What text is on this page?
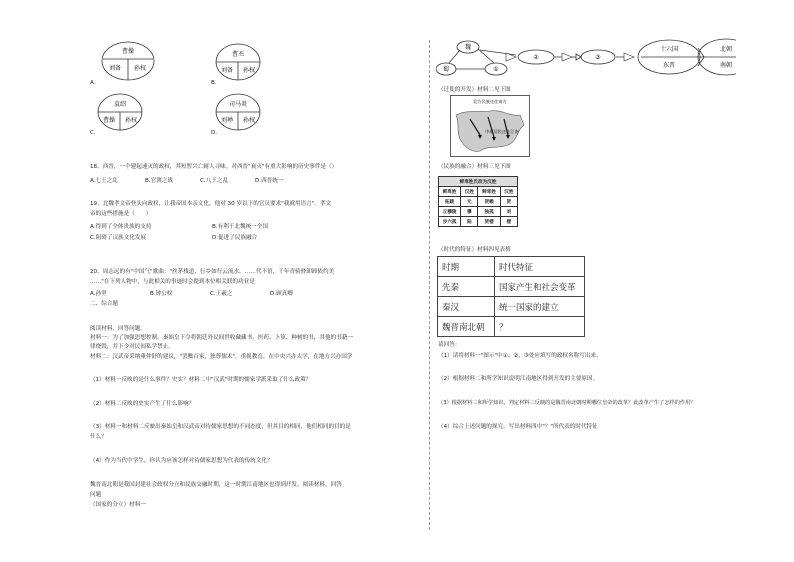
A.
曹操
刘备 孙权
B.
曹丕
刘备 孙权
C.
袁绍
曹操 孙权
D.
司马炎
刘禅 孙权
18、西晋，一个建起速灭的政权，其短暂兴亡耐人寻味。对西晋"衰灭"有重大影响的历史事件是（）
A.七王之乱	B.官渡之战	C.八王之乱	D.西晋统一
19、北魏孝文帝登头向政权，让我帝国本亲文化，他对 30 岁以下的官员要求"我就用语言"。孝文
帝的这些措施是（　　）
A.得到了全体贵族的支持	B.有利于北魏统一全国
C.阻碍了汉族文化发展	D.促进了民族融合
20、周志远的有"中国气"歌曲："丝茅栈道，行乡如行云流水。……代不语，千年青骑驿卸卸依约美
……"在下列人物中，与此相关的事迹时会提到本位相关联的功业是
A.孙坚	B.钟公权	C.王羲之	D.顾真卿
二、综合题
阅读材料，回答问题。
材料一：为了加强思想控制，秦始皇下令将朝廷外民间世收藏藏书，医药、卜筮、种树的书，其他的书籍一
律烧毁，并下令对民间私学禁止。
材料二：汉武帝采纳董仲舒的建议，"罢黜百家，独尊儒术"，重视教育，在中央兴办太学，在地方兴办国学
（1）材料一反映的是什么事件？史实？材料二中"汉武"时期的儒家学派采取了什么政策？
（2）材料二反映的史实产生了什么影响？
（3）材料一和材料二反映出秦始皇和汉武帝对待儒家思想的不同态度，但其目的相同，他们相同的目的是
什么？
（4）作为当代中学生，你认为应该怎样对待儒家思想为代表的传统文化？
魏晋南北朝是我国封建社会政权分立和民族交融时期，这一时期江南地区也得到开发。阅读材料，回答
问题
（国家的分立）材料一
魏
蜀	①
②	③
十六国
东晋
北朝
南朝
（迁徙的开发）材料二见下图
北方民族迁往南方
中原居民迁往江南
（民族的融合）材料三见下图
鲜卑姓氏改为汉姓			
鲜卑姓	汉姓	鲜卑姓	汉姓
拓跋	元	贺赖	贺
丘穆陵	穆	独孤	刘
步六孤	陆	贺楼	楼
（时代的特征）材料四见表格
时期	时代特征
先秦	国家产生和社会变革
秦汉	统一国家的建立
魏晋南北朝	？
请回答：
（1）请将材料一"图示"中①、②、③处应填写的政权名称写出来。
（2）根据材料二和所学知识说明江南地区得到开发的主要原因。
（3）根据材料三和所学知识，判定材料三反映的是魏晋南北朝时期哪位皇帝的改革？此改革产生了怎样的作用？
（4）综合上述问题的探究，写出材料四中"？"所代表的时代特征
